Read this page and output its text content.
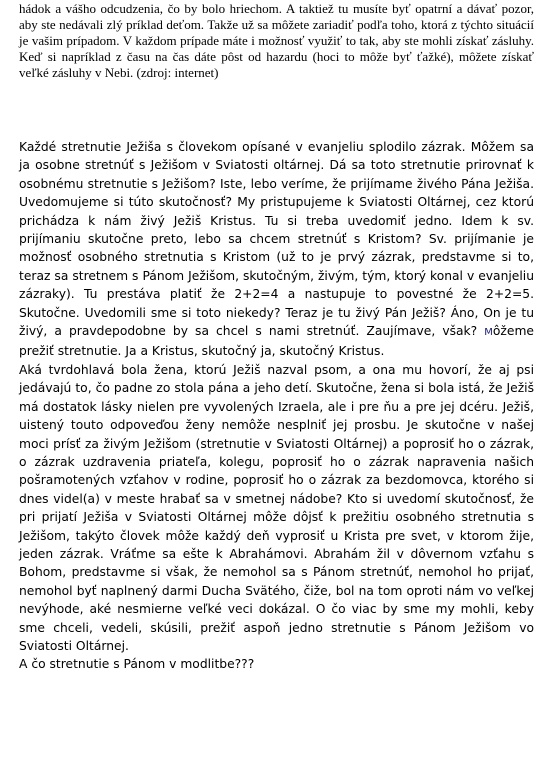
hádok a vášho odcudzenia, čo by bolo hriechom. A taktiež tu musíte byť opatrní a dávať pozor, aby ste nedávali zlý príklad deťom. Takže už sa môžete zariadiť podľa toho, ktorá z týchto situácií je vašim prípadom. V každom prípade máte i možnosť využiť to tak, aby ste mohli získať zásluhy. Keď si napríklad z času na čas dáte pôst od hazardu (hoci to môže byť ťažké), môžete získať veľké zásluhy v Nebi. (zdroj: internet)

Každé stretnutie Ježiša s človekom opísané v evanjeliu splodilo zázrak. Môžem sa ja osobne stretnúť s Ježišom v Sviatosti oltárnej. Dá sa toto stretnutie prirovnať k osobnému stretnutie s Ježišom? Iste, lebo veríme, že prijímame živého Pána Ježiša. Uvedomujeme si túto skutočnosť? My pristupujeme k Sviatosti Oltárnej, cez ktorú prichádza k nám živý Ježiš Kristus. Tu si treba uvedomiť jedno. Idem k sv. prijímaniu skutočne preto, lebo sa chcem stretnúť s Kristom? Sv. prijímanie je možnosť osobného stretnutia s Kristom (už to je prvý zázrak, predstavme si to, teraz sa stretnem s Pánom Ježišom, skutočným, živým, tým, ktorý konal v evanjeliu zázraky). Tu prestáva platiť že 2+2=4 a nastupuje to povestné že 2+2=5. Skutočne. Uvedomili sme si toto niekedy? Teraz je tu živý Pán Ježiš? Áno, On je tu živý, a pravdepodobne by sa chcel s nami stretnúť. Zaujímave, však? Môžeme prežiť stretnutie. Ja a Kristus, skutočný ja, skutočný Kristus.

Aká tvrdohlavá bola žena, ktorú Ježiš nazval psom, a ona mu hovorí, že aj psi jedávajú to, čo padne zo stola pána a jeho detí. Skutočne, žena si bola istá, že Ježiš má dostatok lásky nielen pre vyvolených Izraela, ale i pre ňu a pre jej dcéru. Ježiš, uistený touto odpoveďou ženy nemôže nesplniť jej prosbu. Je skutočne v našej moci prísť za živým Ježišom (stretnutie v Sviatosti Oltárnej) a poprosiť ho o zázrak, o zázrak uzdravenia priateľa, kolegu, poprosiť ho o zázrak napravenia našich pošramotených vzťahov v rodine, poprosiť ho o zázrak za bezdomovca, ktorého si dnes videl(a) v meste hrabať sa v smetnej nádobe? Kto si uvedomí skutočnosť, že pri prijatí Ježiša v Sviatosti Oltárnej môže dôjsť k prežitiu osobného stretnutia s Ježišom, takýto človek môže každý deň vyprosiť u Krista pre svet, v ktorom žije, jeden zázrak. Vráťme sa ešte k Abrahámovi. Abrahám žil v dôvernom vzťahu s Bohom, predstavme si však, že nemohol sa s Pánom stretnúť, nemohol ho prijať, nemohol byť naplnený darmi Ducha Svätého, čiže, bol na tom oproti nám vo veľkej nevýhode, aké nesmierne veľké veci dokázal. O čo viac by sme my mohli, keby sme chceli, vedeli, skúsili, prežiť aspoň jedno stretnutie s Pánom Ježišom vo Sviatosti Oltárnej.

A čo stretnutie s Pánom v modlitbe???
